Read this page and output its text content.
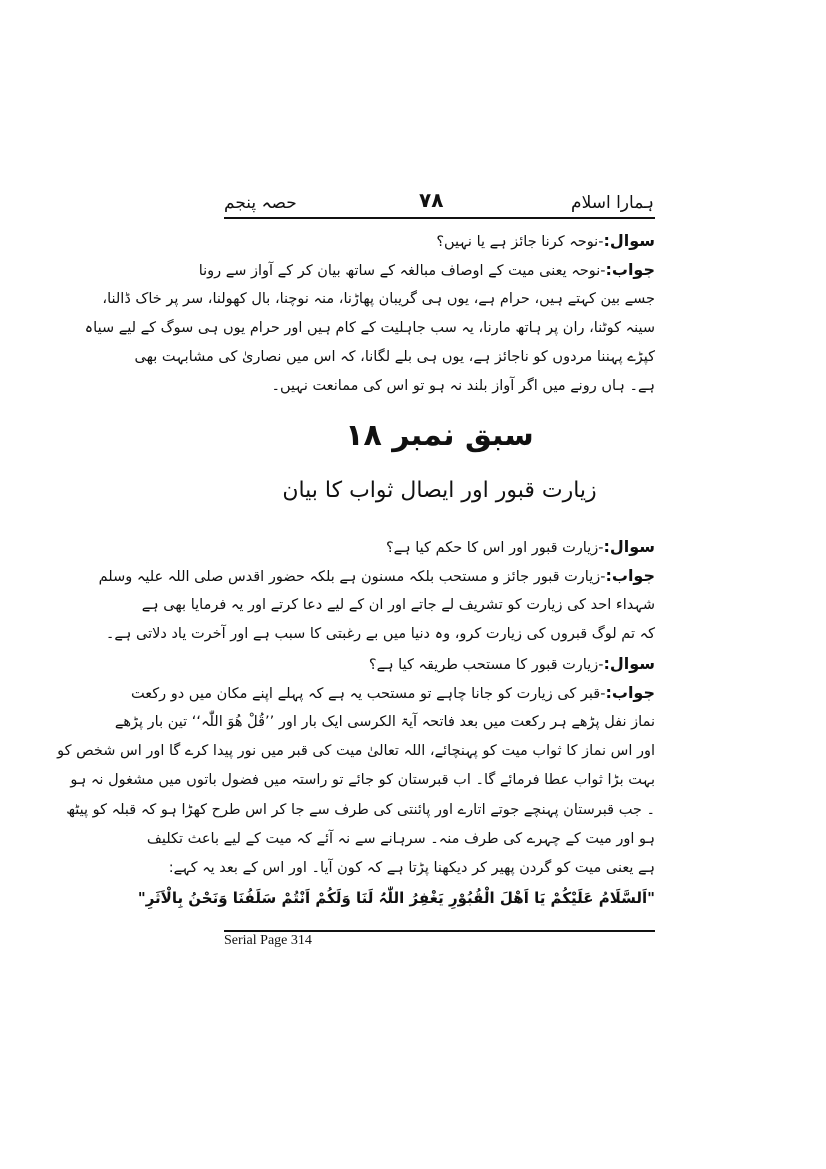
ہمارا اسلام
۷۸
حصہ پنجم
سوال:-نوحہ کرنا جائز ہے یا نہیں؟
جواب:-نوحہ یعنی میت کے اوصاف مبالغہ کے ساتھ بیان کر کے آواز سے رونا
جسے بین کہتے ہیں، حرام ہے، یوں ہی گریبان پھاڑنا، منہ نوچنا، بال کھولنا، سر پر خاک ڈالنا،
سینہ کوٹنا، ران پر ہاتھ مارنا، یہ سب جاہلیت کے کام ہیں اور حرام یوں ہی سوگ کے لیے سیاہ
کپڑے پہننا مردوں کو ناجائز ہے، یوں ہی بلے لگانا، کہ اس میں نصاریٰ کی مشابہت بھی
ہے۔ ہاں رونے میں اگر آواز بلند نہ ہو تو اس کی ممانعت نہیں۔
سبق نمبر ۱۸
زیارت قبور اور ایصال ثواب کا بیان
سوال:-زیارت قبور اور اس کا حکم کیا ہے؟
جواب:-زیارت قبور جائز و مستحب بلکہ مسنون ہے بلکہ حضور اقدس صلی اللہ علیہ وسلم
شہداء احد کی زیارت کو تشریف لے جاتے اور ان کے لیے دعا کرتے اور یہ فرمایا بھی ہے
کہ تم لوگ قبروں کی زیارت کرو، وہ دنیا میں بے رغبتی کا سبب ہے اور آخرت یاد دلاتی ہے۔
سوال:-زیارت قبور کا مستحب طریقہ کیا ہے؟
جواب:-قبر کی زیارت کو جانا چاہے تو مستحب یہ ہے کہ پہلے اپنے مکان میں دو رکعت
نماز نفل پڑھے ہر رکعت میں بعد فاتحہ آیۃ الکرسی ایک بار اور ’’قُلْ ھُوَ اللّٰہ‘‘ تین بار پڑھے
اور اس نماز کا ثواب میت کو پہنچائے، اللہ تعالیٰ میت کی قبر میں نور پیدا کرے گا اور اس شخص کو
بہت بڑا ثواب عطا فرمائے گا۔ اب قبرستان کو جائے تو راستہ میں فضول باتوں میں مشغول نہ ہو
۔ جب قبرستان پہنچے جوتے اتارے اور پائنتی کی طرف سے جا کر اس طرح کھڑا ہو کہ قبلہ کو پیٹھ
ہو اور میت کے چہرے کی طرف منہ۔ سرہانے سے نہ آئے کہ میت کے لیے باعث تکلیف
ہے یعنی میت کو گردن پھیر کر دیکھنا پڑتا ہے کہ کون آیا۔ اور اس کے بعد یہ کہے:
"اَلسَّلَامُ عَلَیْکُمْ یَا اَھْلَ الْقُبُوْرِ یَغْفِرُ اللّٰہُ لَنَا وَلَکُمْ اَنْتُمْ سَلَفُنَا وَنَحْنُ بِالْاَثَرِ"
Serial Page 314
